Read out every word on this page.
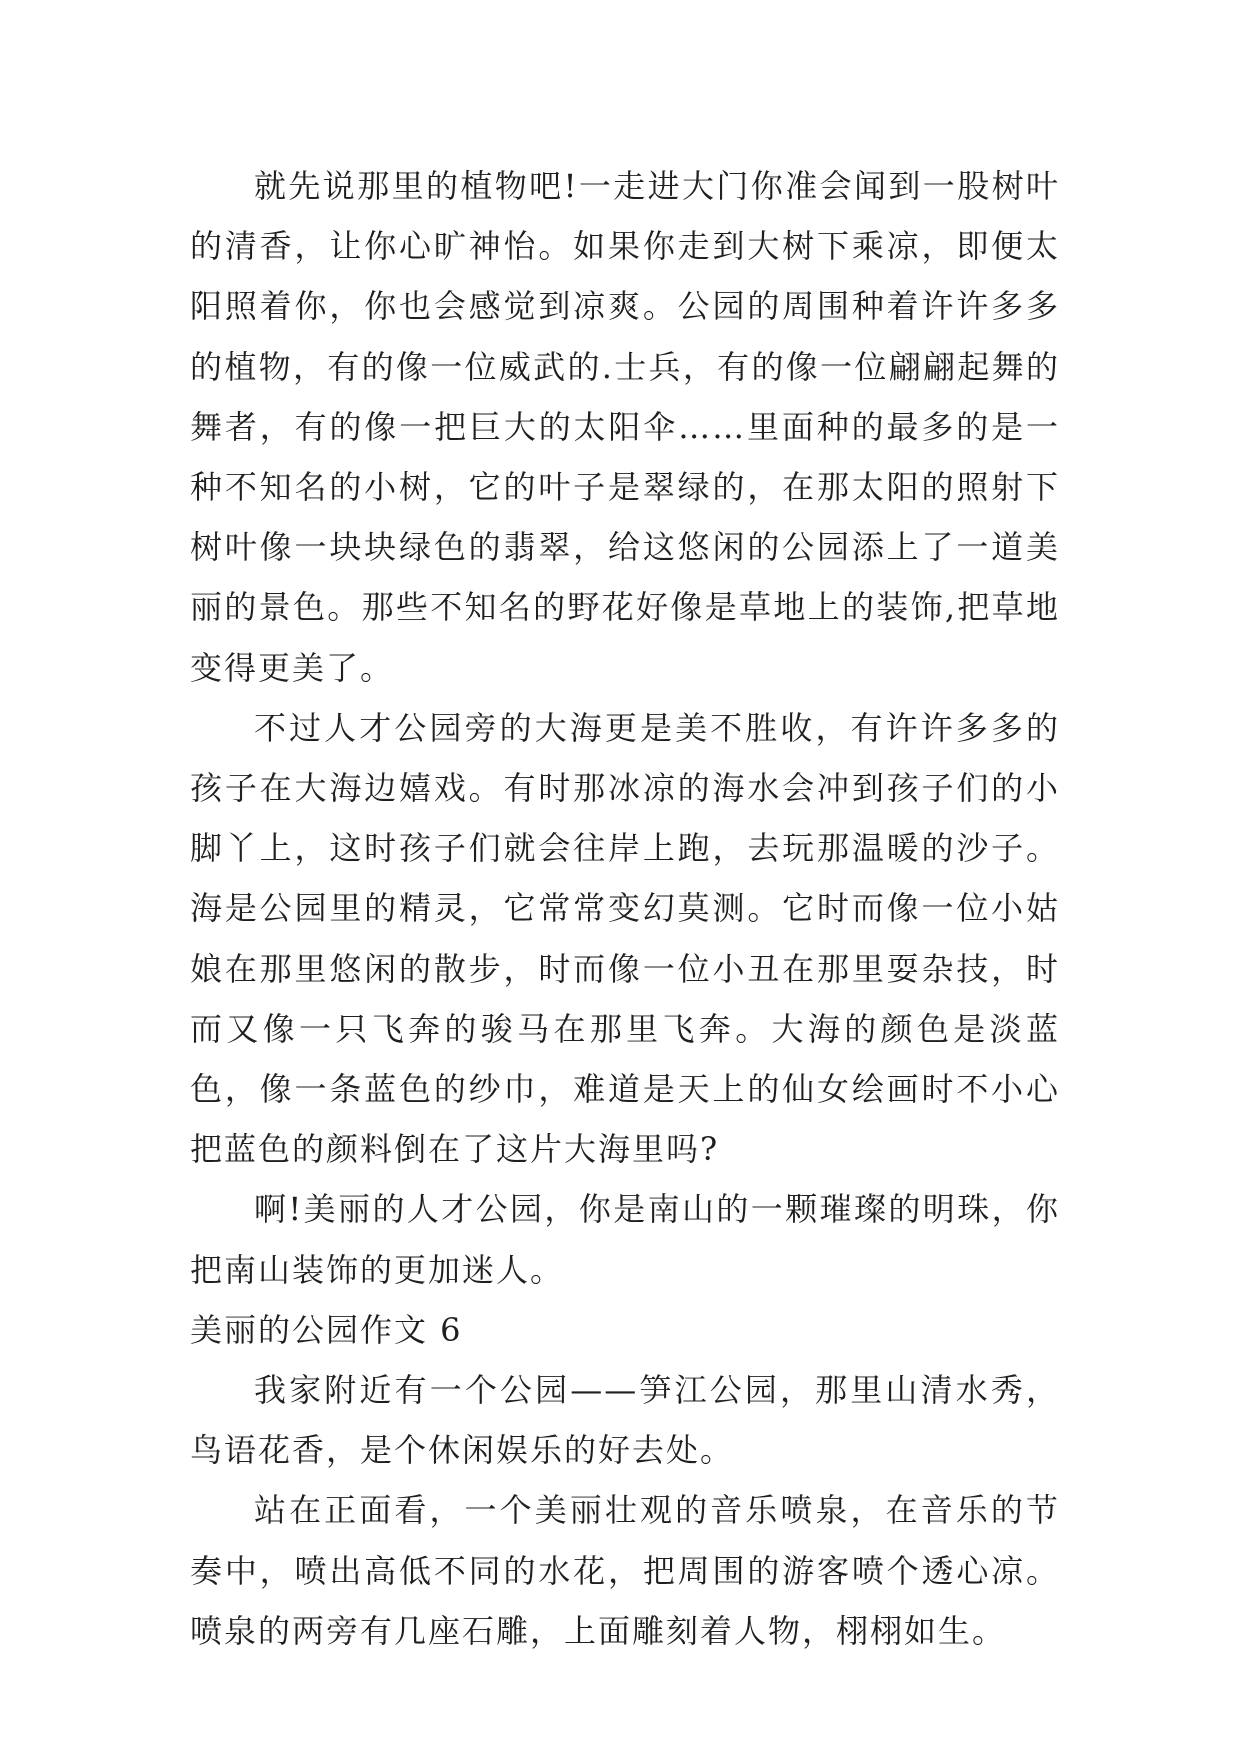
就先说那里的植物吧!一走进大门你准会闻到一股树叶的清香，让你心旷神怡。如果你走到大树下乘凉，即便太阳照着你，你也会感觉到凉爽。公园的周围种着许许多多的植物，有的像一位威武的.士兵，有的像一位翩翩起舞的舞者，有的像一把巨大的太阳伞……里面种的最多的是一种不知名的小树，它的叶子是翠绿的，在那太阳的照射下树叶像一块块绿色的翡翠，给这悠闲的公园添上了一道美丽的景色。那些不知名的野花好像是草地上的装饰,把草地变得更美了。

不过人才公园旁的大海更是美不胜收，有许许多多的孩子在大海边嬉戏。有时那冰凉的海水会冲到孩子们的小脚丫上，这时孩子们就会往岸上跑，去玩那温暖的沙子。海是公园里的精灵，它常常变幻莫测。它时而像一位小姑娘在那里悠闲的散步，时而像一位小丑在那里耍杂技，时而又像一只飞奔的骏马在那里飞奔。大海的颜色是淡蓝色，像一条蓝色的纱巾，难道是天上的仙女绘画时不小心把蓝色的颜料倒在了这片大海里吗?

啊!美丽的人才公园，你是南山的一颗璀璨的明珠，你把南山装饰的更加迷人。

美丽的公园作文 6

我家附近有一个公园——笋江公园，那里山清水秀，鸟语花香，是个休闲娱乐的好去处。

站在正面看，一个美丽壮观的音乐喷泉，在音乐的节奏中，喷出高低不同的水花，把周围的游客喷个透心凉。喷泉的两旁有几座石雕，上面雕刻着人物，栩栩如生。
